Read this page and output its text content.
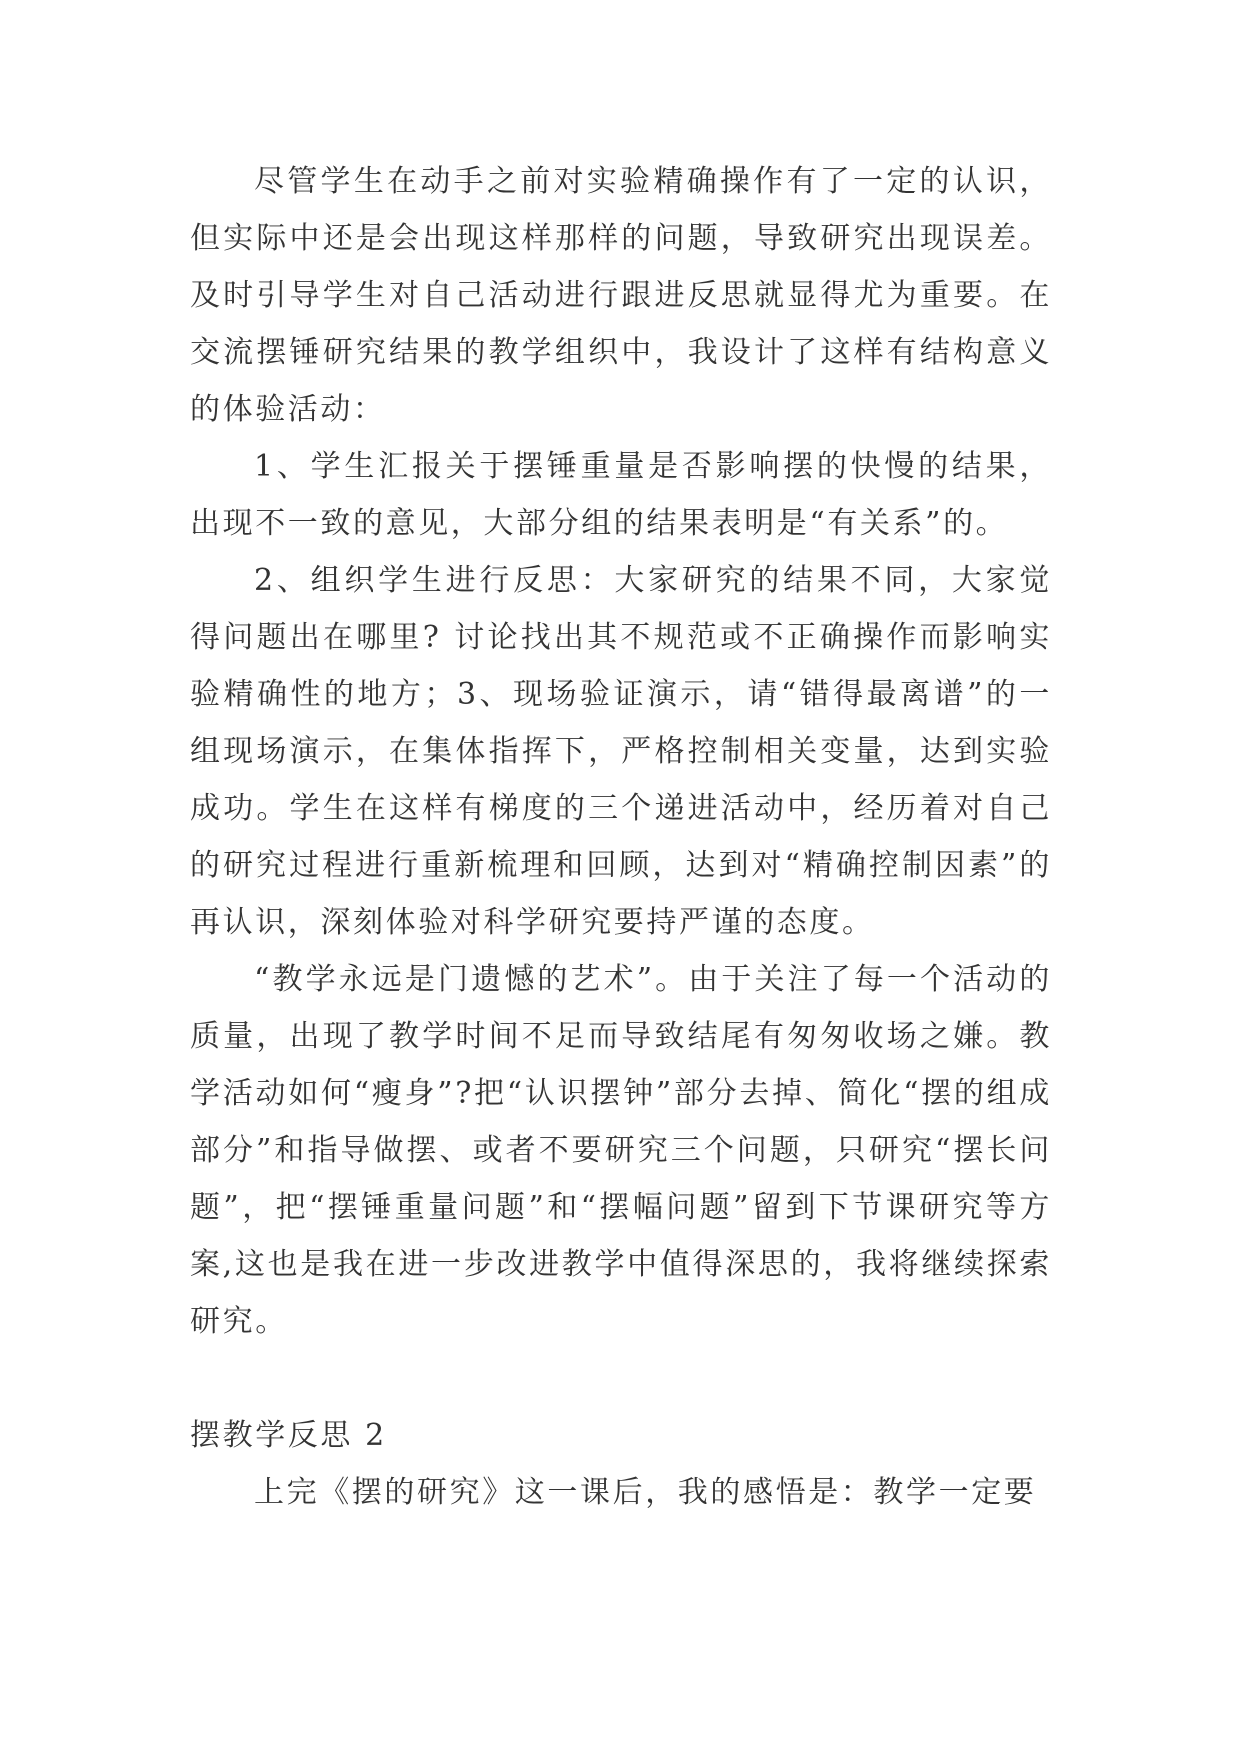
尽管学生在动手之前对实验精确操作有了一定的认识，但实际中还是会出现这样那样的问题，导致研究出现误差。及时引导学生对自己活动进行跟进反思就显得尤为重要。在交流摆锤研究结果的教学组织中，我设计了这样有结构意义的体验活动：

1、学生汇报关于摆锤重量是否影响摆的快慢的结果，出现不一致的意见，大部分组的结果表明是“有关系”的。

2、组织学生进行反思：大家研究的结果不同，大家觉得问题出在哪里? 讨论找出其不规范或不正确操作而影响实验精确性的地方；3、现场验证演示，请“错得最离谱”的一组现场演示，在集体指挥下，严格控制相关变量，达到实验成功。学生在这样有梯度的三个递进活动中，经历着对自己的研究过程进行重新梳理和回顾，达到对“精确控制因素”的再认识，深刻体验对科学研究要持严谨的态度。

“教学永远是门遗憾的艺术”。由于关注了每一个活动的质量，出现了教学时间不足而导致结尾有匆匆收场之嫌。教学活动如何“瘦身”?把“认识摆钟”部分去掉、简化“摆的组成部分”和指导做摆、或者不要研究三个问题，只研究“摆长问题”，把“摆锤重量问题”和“摆幅问题”留到下节课研究等方案,这也是我在进一步改进教学中值得深思的，我将继续探索研究。

摆教学反思 2

上完《摆的研究》这一课后，我的感悟是：教学一定要
